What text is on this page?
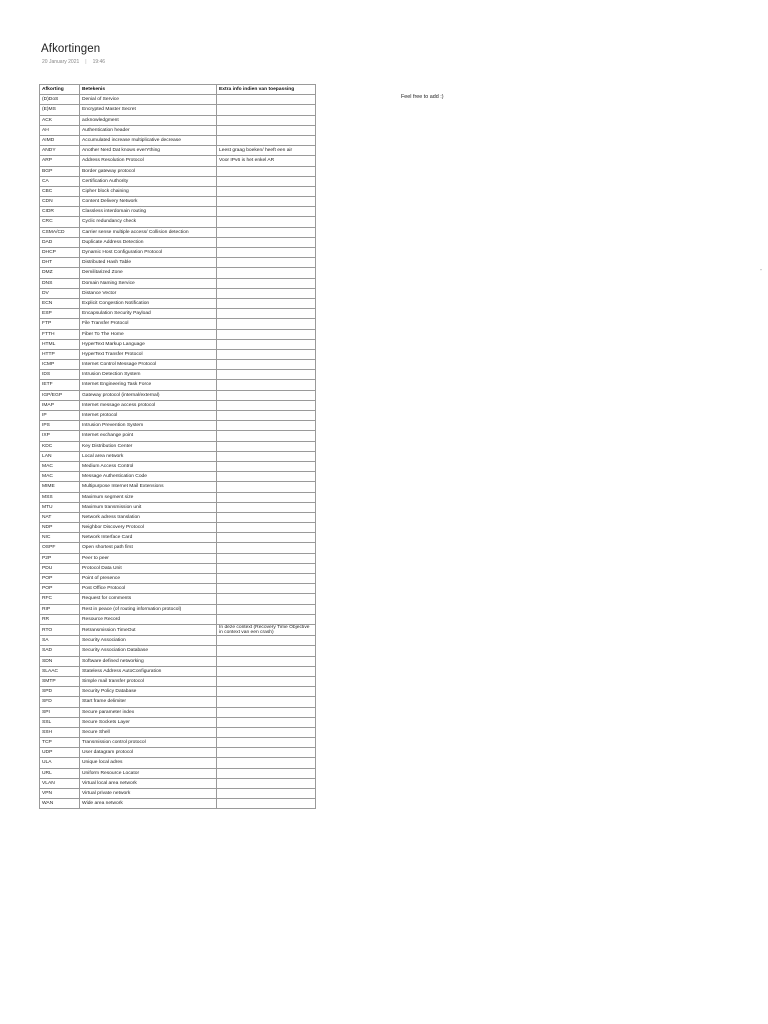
Afkortingen
20 January 2021 | 19:46
Feel free to add :)
"
Afkorting	Betekenis	Extra info indien van toepassing
(D)DoS	Denial of Service	
(E)MS	Encrypted Master Secret	
ACK	acknowledgment	
AH	Authentication header	
AIMD	Accumulated increase multiplicative decrease	
ANDY	Another Nerd Dat knows everYthing	Leest graag boeken/ heeft een air
ARP	Address Resolution Protocol	Voor IPv6 is het enkel AR
BGP	Border gateway protocol	
CA	Certification Authority	
CBC	Cipher block chaining	
CDN	Content Delivery Network	
CIDR	Classless interdomain routing	
CRC	Cyclic redundancy check	
CSMA/CD	Carrier sense multiple access/ Collision detection	
DAD	Duplicate Address Detection	
DHCP	Dynamic Host Configuration Protocol	
DHT	Distributed Hash Table	
DMZ	Demilitarized Zone	
DNS	Domain Naming Service	
DV	Distance Vector	
ECN	Explicit Congestion Notification	
ESP	Encapsulation Security Payload	
FTP	File Transfer Protocol	
FTTH	Fiber To The Home	
HTML	HyperText Markup Language	
HTTP	HyperText Transfer Protocol	
ICMP	Internet Control Message Protocol	
IDS	Intrusion Detection System	
IETF	Internet Engineering Task Force	
IGP/EGP	Gateway protocol (internal/external)	
IMAP	Internet message access protocol	
IP	Internet protocol	
IPS	Intrusion Prevention System	
IXP	Internet exchange point	
KDC	Key Distribution Center	
LAN	Local area network	
MAC	Medium Access Control	
MAC	Message Authentication Code	
MIME	Multipurpose Internet Mail Extensions	
MSS	Maximum segment size	
MTU	Maximum transmission unit	
NAT	Network adress translation	
NDP	Neighbor Discovery Protocol	
NIC	Network Interface Card	
OSPF	Open shortest path first	
P2P	Peer to peer	
PDU	Protocol Data Unit	
POP	Point of presence	
POP	Post Office Protocol	
RFC	Request for comments	
RIP	Rest in peace (of routing information protocol)	
RR	Resource Record	
RTO	Retransmission TimeOut	In deze context (Recovery Time Objective in context van een crash)
SA	Security Association	
SAD	Security Association Database	
SDN	Software defined networking	
SLAAC	Stateless Address AutoConfiguration	
SMTP	Simple mail transfer protocol	
SPD	Security Policy Database	
SFD	Start frame delimiter	
SPI	Secure parameter index	
SSL	Secure Sockets Layer	
SSH	Secure Shell	
TCP	Transmission control protocol	
UDP	User datagram protocol	
ULA	Unique local adres	
URL	Uniform Resource Locator	
VLAN	Virtual local area network	
VPN	Virtual private network	
WAN	Wide area network	
